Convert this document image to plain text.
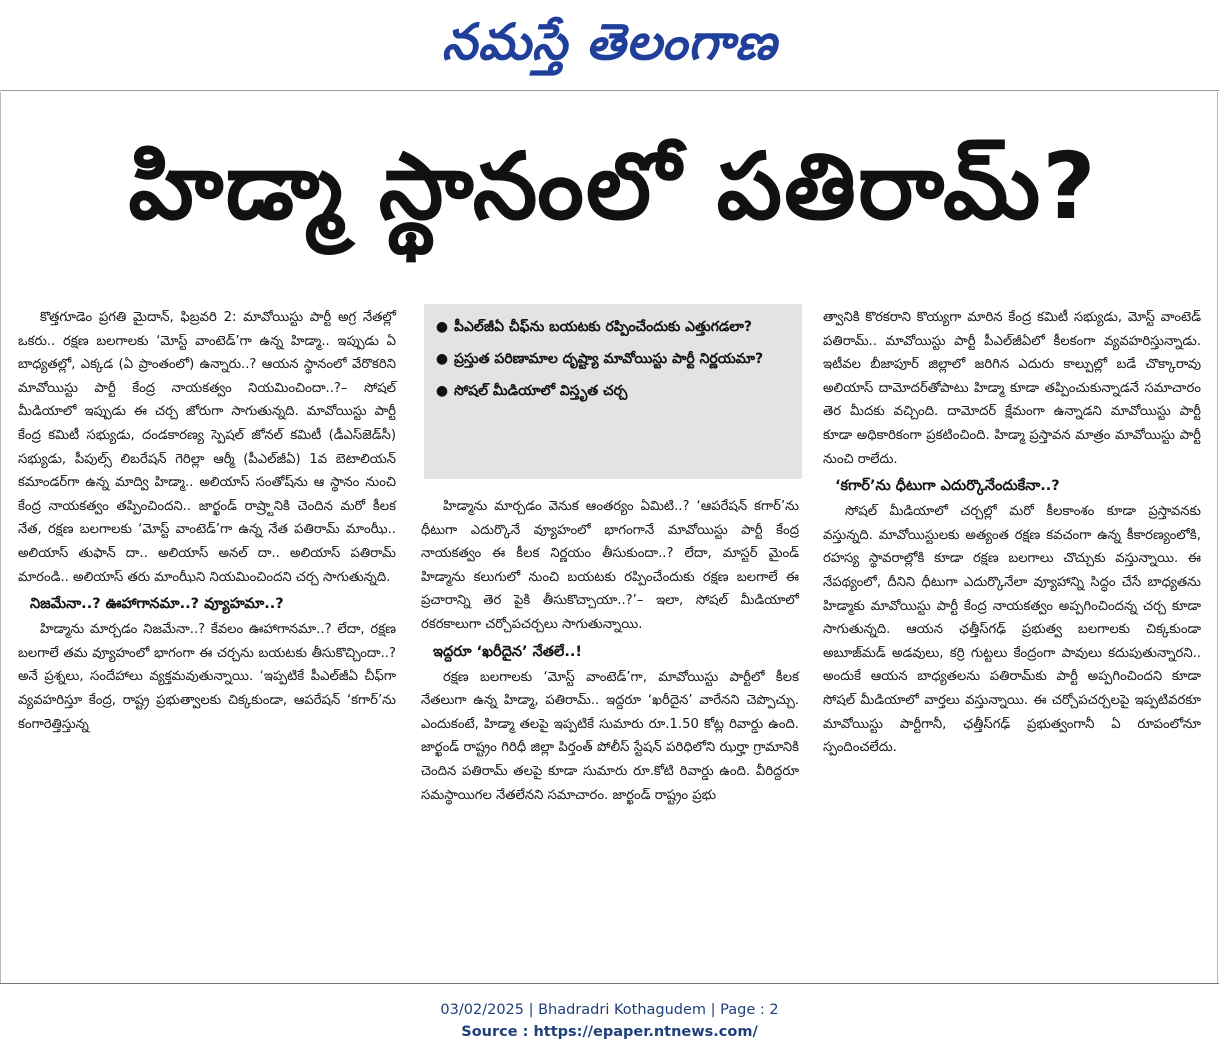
నమస్తే తెలంగాణ
హిడ్మా స్థానంలో పతిరామ్‌?

కొత్తగూడెం ప్రగతి మైదాన్‌, ఫిబ్రవరి 2: మావోయిస్టు పార్టీ అగ్ర నేతల్లో ఒకరు.. రక్షణ బలగాలకు ‘మోస్ట్‌ వాంటెడ్‌’గా ఉన్న హిడ్మా.. ఇప్పుడు ఏ బాధ్యతల్లో, ఎక్కడ (ఏ ప్రాంతంలో) ఉన్నారు..? ఆయన స్థానంలో వేరొకరిని మావోయిస్టు పార్టీ కేంద్ర నాయకత్వం నియమించిందా..?– సోషల్‌ మీడియాలో ఇప్పుడు ఈ చర్చ జోరుగా సాగుతున్నది. మావోయిస్టు పార్టీ కేంద్ర కమిటీ సభ్యుడు, దండకారణ్య స్పెషల్‌ జోనల్‌ కమిటీ (డీఎస్‌జెడ్‌సీ) సభ్యుడు, పీపుల్స్‌ లిబరేషన్‌ గెరిల్లా ఆర్మీ (పీఎల్‌జీఏ) 1వ బెటాలియన్‌ కమాండర్‌గా ఉన్న మాద్వి హిడ్మా.. అలియాస్‌ సంతోష్‌ను ఆ స్థానం నుంచి కేంద్ర నాయకత్వం తప్పించిందని.. జార్ఖండ్‌ రాష్ర్టానికి చెందిన మరో కీలక నేత, రక్షణ బలగాలకు ‘మోస్ట్‌ వాంటెడ్‌’గా ఉన్న నేత పతిరామ్‌ మాంఝీ.. అలియాస్‌ తుఫాన్‌ దా.. అలియాస్‌ అనల్‌ దా.. అలియాస్‌ పతిరామ్‌ మారండి.. అలియాస్‌ తరు మాంఝీని నియమించిందని చర్చ సాగుతున్నది.

నిజమేనా..? ఊహాగానమా..? వ్యూహమా..?

హిడ్మాను మార్చడం నిజమేనా..? కేవలం ఊహాగానమా..? లేదా, రక్షణ బలగాలే తమ వ్యూహంలో భాగంగా ఈ చర్చను బయటకు తీసుకొచ్చిందా..? అనే ప్రశ్నలు, సందేహాలు వ్యక్తమవుతున్నాయి. ‘ఇప్పటికే పీఎల్‌జీఏ చీఫ్‌గా వ్యవహరిస్తూ కేంద్ర, రాష్ట్ర ప్రభుత్వాలకు చిక్కకుండా, ఆపరేషన్‌ ‘కగార్‌’ను కంగారెత్తిస్తున్న

● పీఎల్‌జీఏ చీఫ్‌ను బయటకు రప్పించేందుకు ఎత్తుగడలా?
● ప్రస్తుత పరిణామాల దృష్ట్యా మావోయిస్టు పార్టీ నిర్ణయమా?
● సోషల్‌ మీడియాలో విస్తృత చర్చ

హిడ్మాను మార్చడం వెనుక ఆంతర్యం ఏమిటి..? ‘ఆపరేషన్‌ కగార్‌’ను ధీటుగా ఎదుర్కొనే వ్యూహంలో భాగంగానే మావోయిస్టు పార్టీ కేంద్ర నాయకత్వం ఈ కీలక నిర్ణయం తీసుకుందా..? లేదా, మాస్టర్‌ మైండ్‌ హిడ్మాను కలుగులో నుంచి బయటకు రప్పించేందుకు రక్షణ బలగాలే ఈ ప్రచారాన్ని తెర పైకి తీసుకొచ్చాయా..?’– ఇలా, సోషల్‌ మీడియాలో రకరకాలుగా చర్చోపచర్చలు సాగుతున్నాయి.

ఇద్దరూ ‘ఖరీదైన’ నేతలే..!

రక్షణ బలగాలకు ‘మోస్ట్‌ వాంటెడ్‌’గా, మావోయిస్టు పార్టీలో కీలక నేతలుగా ఉన్న హిడ్మా, పతిరామ్‌.. ఇద్దరూ ‘ఖరీదైన’ వారేనని చెప్పొచ్చు. ఎందుకంటే, హిడ్మా తలపై ఇప్పటికే సుమారు రూ.1.50 కోట్ల రివార్డు ఉంది. జార్ఖండ్‌ రాష్ట్రం గిరిధీ జిల్లా పిర్తంత్‌ పోలీస్‌ స్టేషన్‌ పరిధిలోని ఝర్హా గ్రామానికి చెందిన పతిరామ్‌ తలపై కూడా సుమారు రూ.కోటి రివార్డు ఉంది. వీరిద్దరూ సమస్థాయిగల నేతలేనని సమాచారం. జార్ఖండ్‌ రాష్ట్రం ప్రభు

త్వానికి కొరకరాని కొయ్యగా మారిన కేంద్ర కమిటీ సభ్యుడు, మోస్ట్‌ వాంటెడ్‌ పతిరామ్‌.. మావోయిస్టు పార్టీ పీఎల్‌జీఏలో కీలకంగా వ్యవహరిస్తున్నాడు. ఇటీవల బీజాపూర్‌ జిల్లాలో జరిగిన ఎదురు కాల్పుల్లో బడే చొక్కారావు అలియాస్‌ దామోదర్‌తోపాటు హిడ్మా కూడా తప్పించుకున్నాడనే సమాచారం తెర మీదకు వచ్చింది. దామోదర్‌ క్షేమంగా ఉన్నాడని మావోయిస్టు పార్టీ కూడా అధికారికంగా ప్రకటించింది. హిడ్మా ప్రస్తావన మాత్రం మావోయిస్టు పార్టీ నుంచి రాలేదు.

‘కగార్‌’ను ధీటుగా ఎదుర్కొనేందుకేనా..?

సోషల్‌ మీడియాలో చర్చల్లో మరో కీలకాంశం కూడా ప్రస్తావనకు వస్తున్నది. మావోయిస్టులకు అత్యంత రక్షణ కవచంగా ఉన్న కీకారణ్యంలోకి, రహస్య స్థావరాల్లోకి కూడా రక్షణ బలగాలు చొచ్చుకు వస్తున్నాయి. ఈ నేపథ్యంలో, దీనిని ధీటుగా ఎదుర్కొనేలా వ్యూహాన్ని సిద్ధం చేసే బాధ్యతను హిడ్మాకు మావోయిస్టు పార్టీ కేంద్ర నాయకత్వం అప్పగించిందన్న చర్చ కూడా సాగుతున్నది. ఆయన ఛత్తీస్‌గఢ్‌ ప్రభుత్వ బలగాలకు చిక్కకుండా అబూజ్‌మడ్‌ అడవులు, కర్రి గుట్టలు కేంద్రంగా పావులు కదుపుతున్నారని.. అందుకే ఆయన బాధ్యతలను పతిరామ్‌కు పార్టీ అప్పగించిందని కూడా సోషల్‌ మీడియాలో వార్తలు వస్తున్నాయి. ఈ చర్చోపచర్చలపై ఇప్పటివరకూ మావోయిస్టు పార్టీగానీ, ఛత్తీస్‌గఢ్‌ ప్రభుత్వంగానీ ఏ రూపంలోనూ స్పందించలేదు.

03/02/2025 | Bhadradri Kothagudem | Page : 2
Source : https://epaper.ntnews.com/
